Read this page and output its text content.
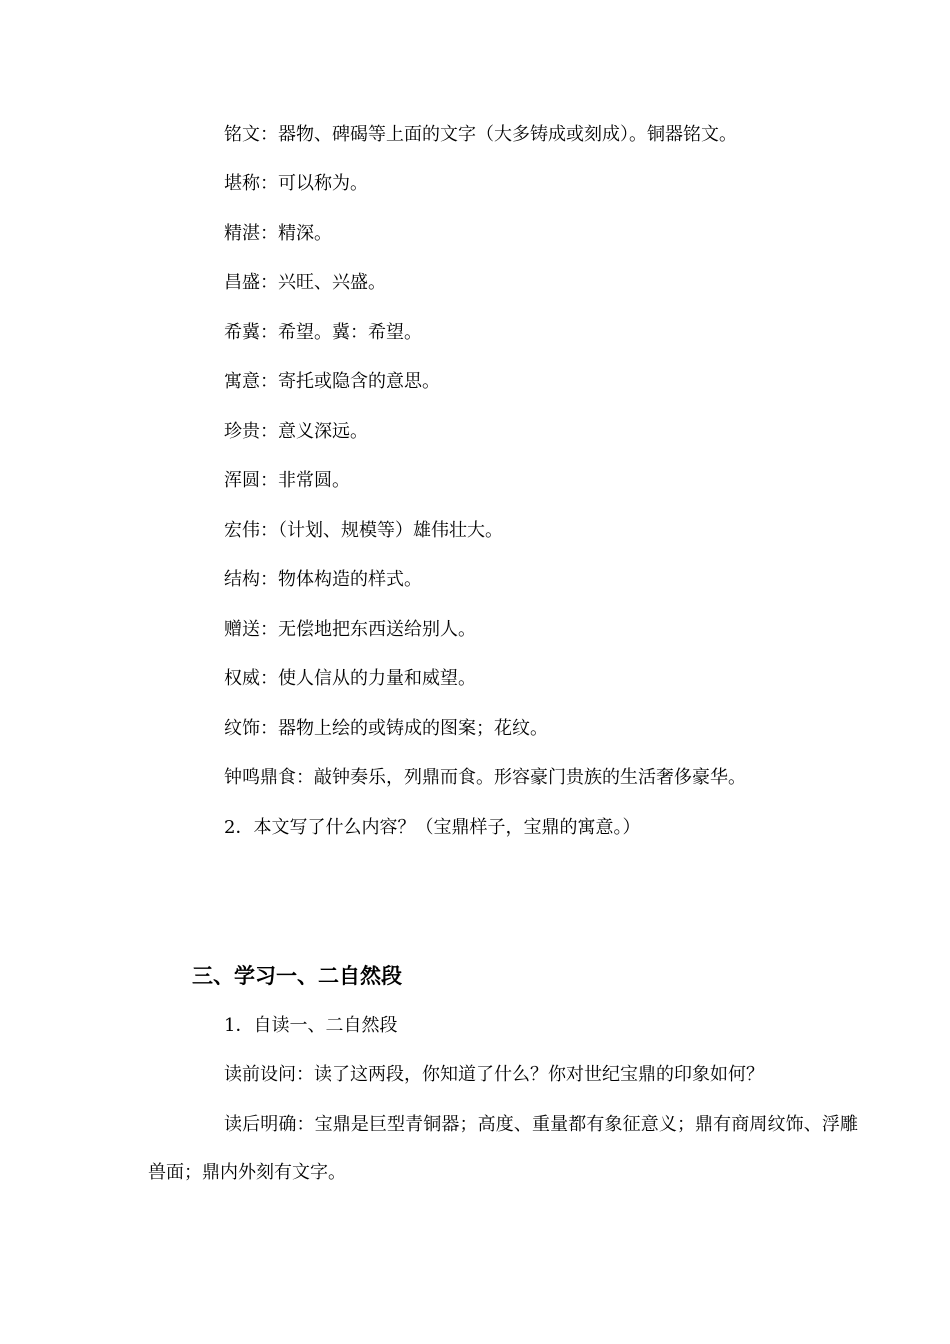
铭文：器物、碑碣等上面的文字（大多铸成或刻成）。铜器铭文。
堪称：可以称为。
精湛：精深。
昌盛：兴旺、兴盛。
希冀：希望。冀：希望。
寓意：寄托或隐含的意思。
珍贵：意义深远。
浑圆：非常圆。
宏伟：（计划、规模等）雄伟壮大。
结构：物体构造的样式。
赠送：无偿地把东西送给别人。
权威：使人信从的力量和威望。
纹饰：器物上绘的或铸成的图案；花纹。
钟鸣鼎食：敲钟奏乐，列鼎而食。形容豪门贵族的生活奢侈豪华。
2．本文写了什么内容？（宝鼎样子，宝鼎的寓意。）
三、学习一、二自然段
1．自读一、二自然段
读前设问：读了这两段，你知道了什么？你对世纪宝鼎的印象如何？
读后明确：宝鼎是巨型青铜器；高度、重量都有象征意义；鼎有商周纹饰、浮雕兽面；鼎内外刻有文字。
